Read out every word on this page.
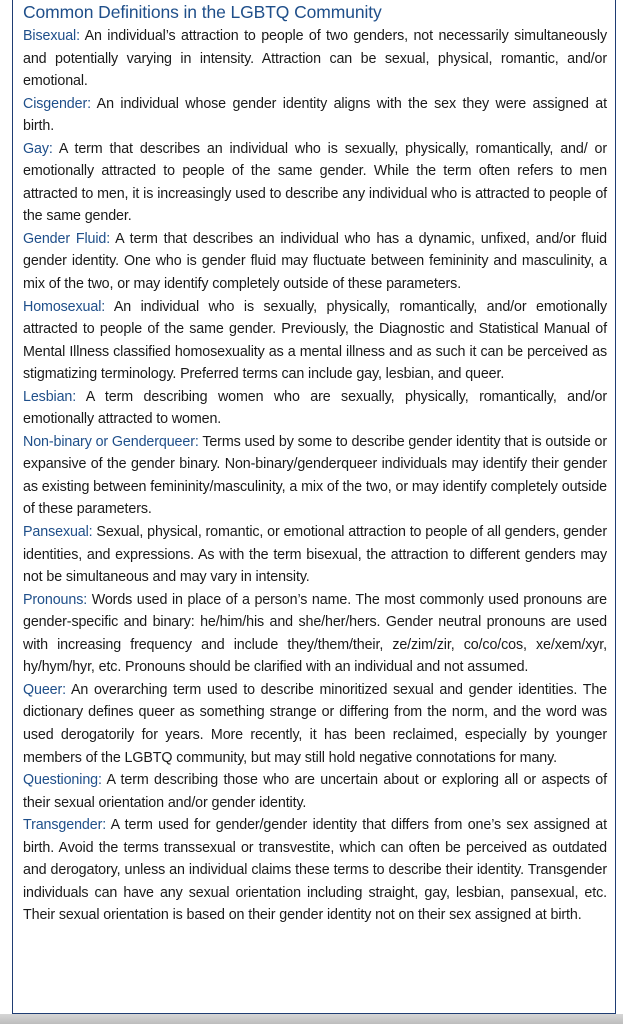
Common Definitions in the LGBTQ Community

Bisexual: An individual’s attraction to people of two genders, not necessarily simultaneously and potentially varying in intensity. Attraction can be sexual, physical, romantic, and/or emotional.

Cisgender: An individual whose gender identity aligns with the sex they were assigned at birth.

Gay: A term that describes an individual who is sexually, physically, romantically, and/ or emotionally attracted to people of the same gender. While the term often refers to men attracted to men, it is increasingly used to describe any individual who is attracted to people of the same gender.

Gender Fluid: A term that describes an individual who has a dynamic, unfixed, and/or fluid gender identity. One who is gender fluid may fluctuate between femininity and masculinity, a mix of the two, or may identify completely outside of these parameters.

Homosexual: An individual who is sexually, physically, romantically, and/or emotionally attracted to people of the same gender. Previously, the Diagnostic and Statistical Manual of Mental Illness classified homosexuality as a mental illness and as such it can be perceived as stigmatizing terminology. Preferred terms can include gay, lesbian, and queer.

Lesbian: A term describing women who are sexually, physically, romantically, and/or emotionally attracted to women.

Non-binary or Genderqueer: Terms used by some to describe gender identity that is outside or expansive of the gender binary. Non-binary/genderqueer individuals may identify their gender as existing between femininity/masculinity, a mix of the two, or may identify completely outside of these parameters.

Pansexual: Sexual, physical, romantic, or emotional attraction to people of all genders, gender identities, and expressions. As with the term bisexual, the attraction to different genders may not be simultaneous and may vary in intensity.

Pronouns: Words used in place of a person’s name. The most commonly used pronouns are gender-specific and binary: he/him/his and she/her/hers. Gender neutral pronouns are used with increasing frequency and include they/them/their, ze/zim/zir, co/co/cos, xe/xem/xyr, hy/hym/hyr, etc. Pronouns should be clarified with an individual and not assumed.

Queer: An overarching term used to describe minoritized sexual and gender identities. The dictionary defines queer as something strange or differing from the norm, and the word was used derogatorily for years. More recently, it has been reclaimed, especially by younger members of the LGBTQ community, but may still hold negative connotations for many.

Questioning: A term describing those who are uncertain about or exploring all or aspects of their sexual orientation and/or gender identity.

Transgender: A term used for gender/gender identity that differs from one’s sex assigned at birth. Avoid the terms transsexual or transvestite, which can often be perceived as outdated and derogatory, unless an individual claims these terms to describe their identity. Transgender individuals can have any sexual orientation including straight, gay, lesbian, pansexual, etc. Their sexual orientation is based on their gender identity not on their sex assigned at birth.
